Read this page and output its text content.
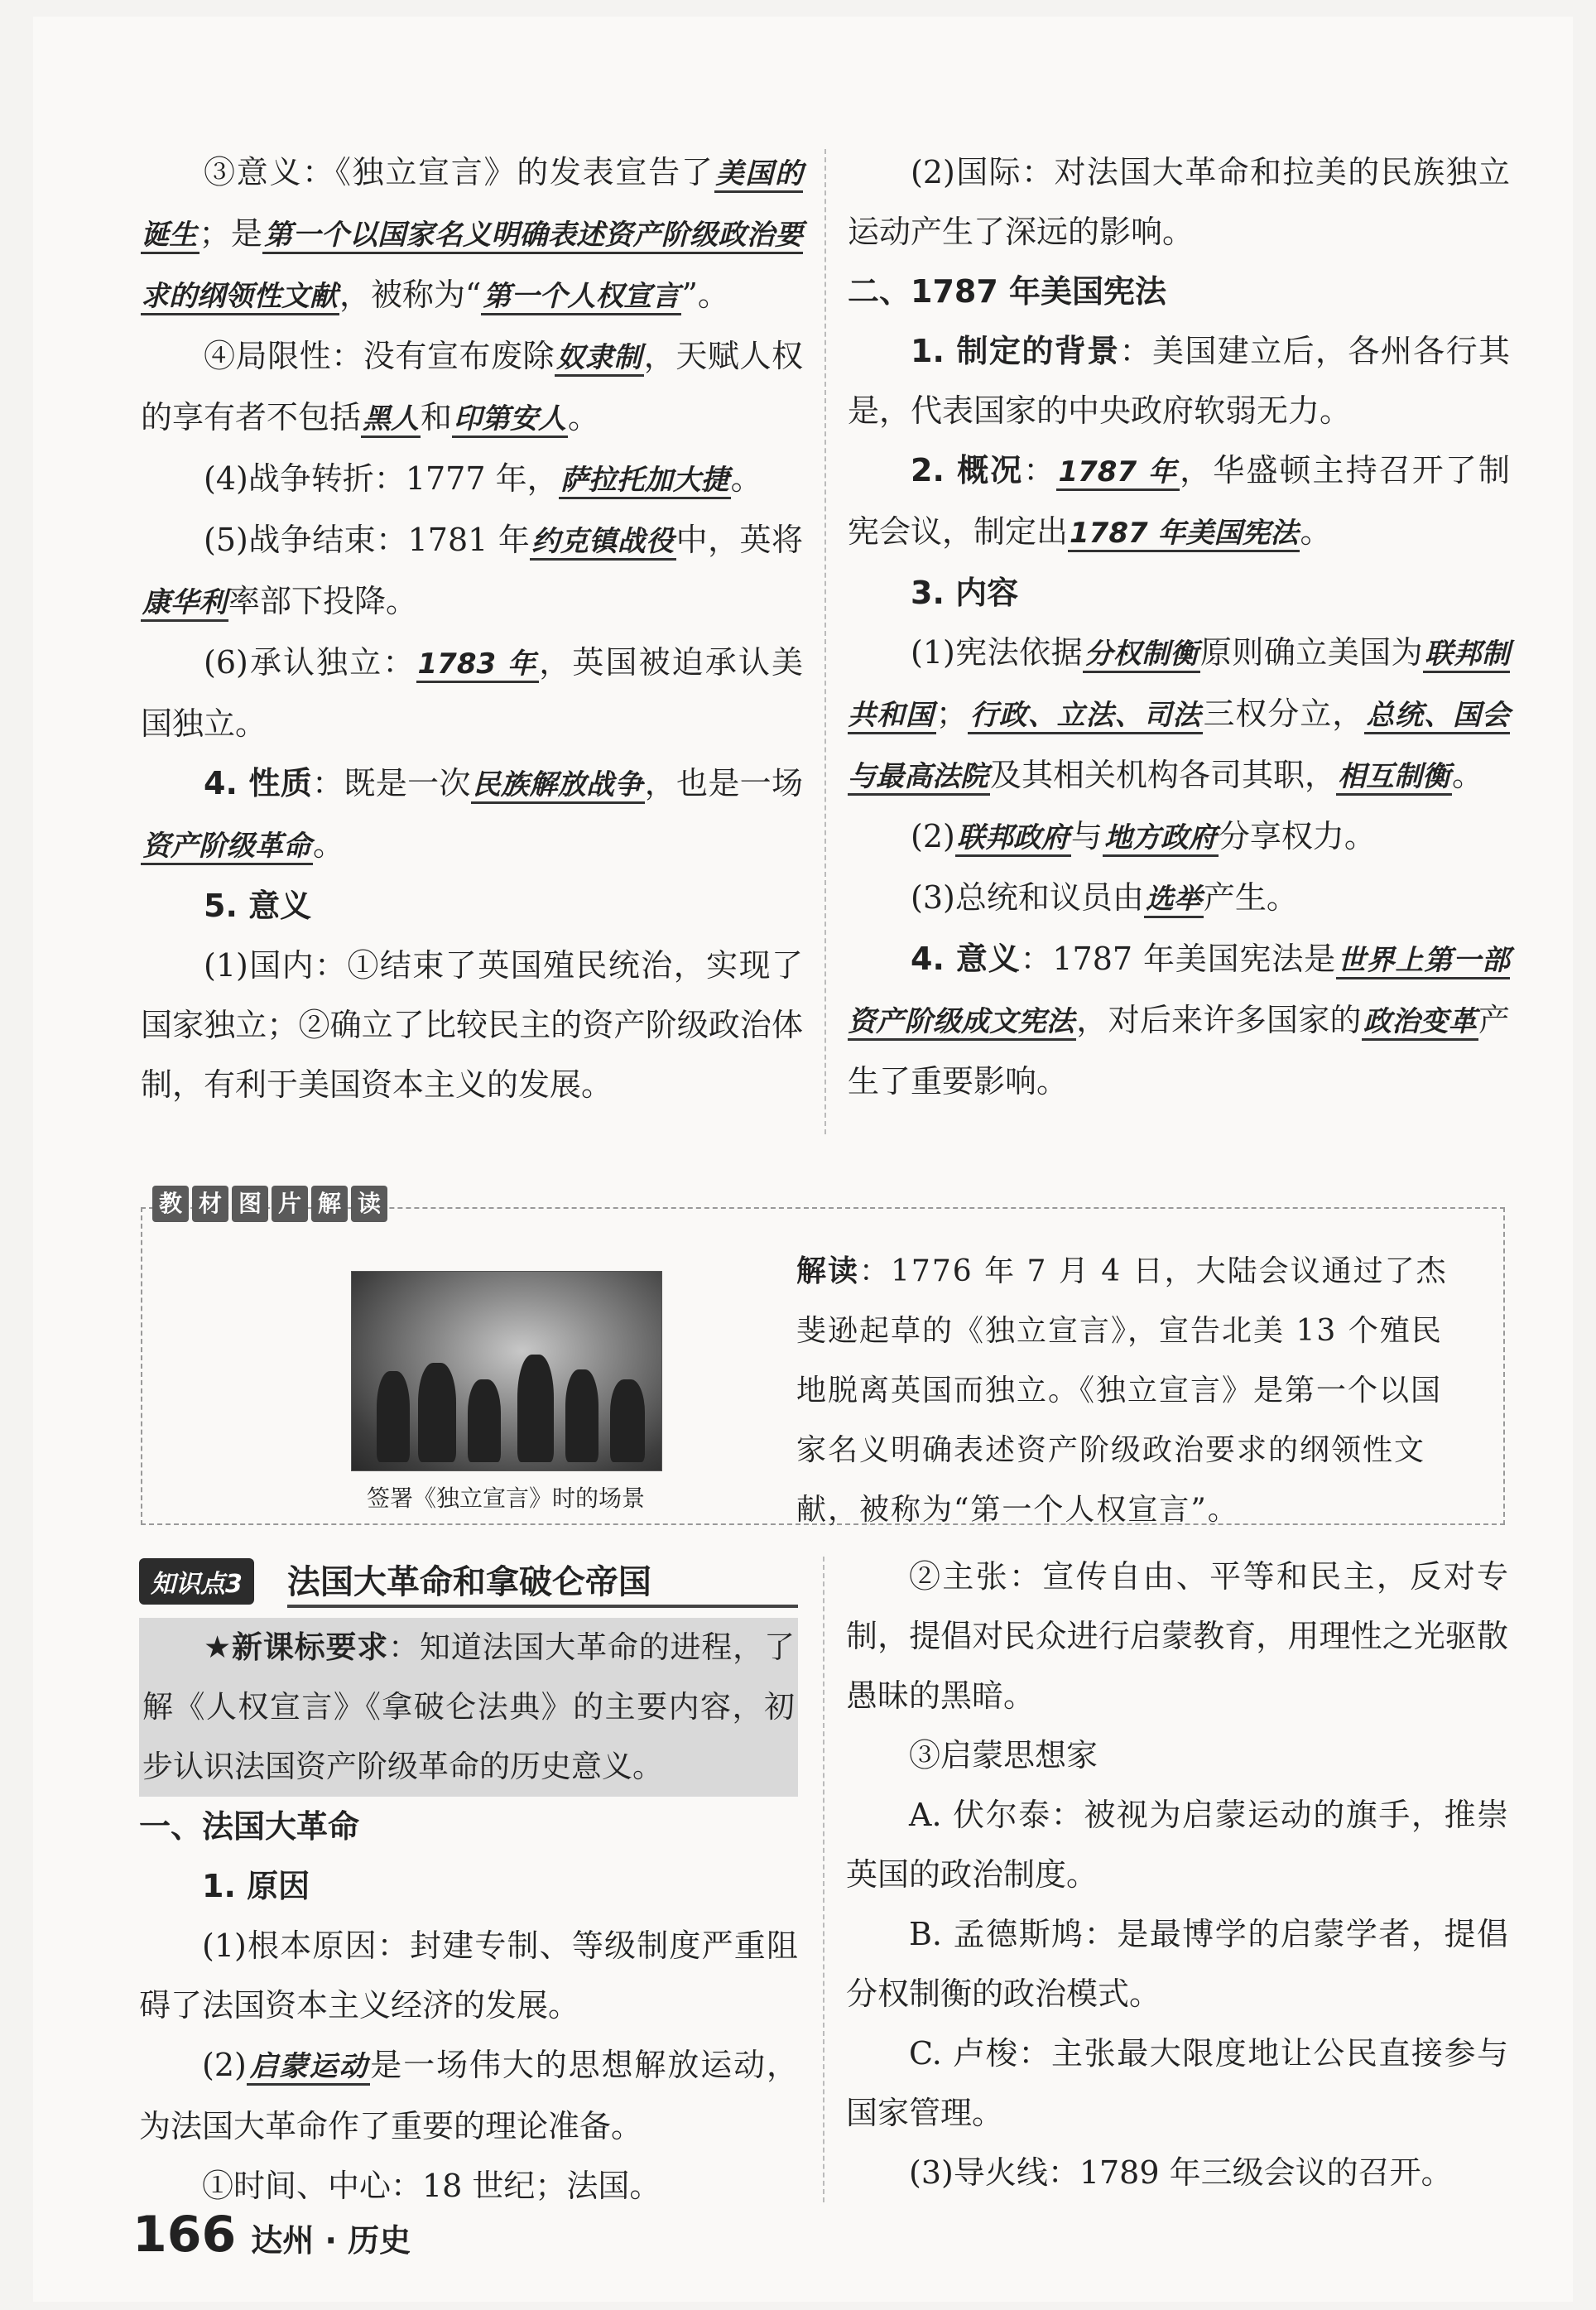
③意义：《独立宣言》的发表宣告了美国的诞生；是第一个以国家名义明确表述资产阶级政治要求的纲领性文献，被称为“第一个人权宣言”。

④局限性：没有宣布废除奴隶制，天赋人权的享有者不包括黑人和印第安人。

(4)战争转折：1777 年，萨拉托加大捷。

(5)战争结束：1781 年约克镇战役中，英将康华利率部下投降。

(6)承认独立：1783 年，英国被迫承认美国独立。

4. 性质：既是一次民族解放战争，也是一场资产阶级革命。

5. 意义

(1)国内：①结束了英国殖民统治，实现了国家独立；②确立了比较民主的资产阶级政治体制，有利于美国资本主义的发展。

(2)国际：对法国大革命和拉美的民族独立运动产生了深远的影响。

二、1787 年美国宪法

1. 制定的背景：美国建立后，各州各行其是，代表国家的中央政府软弱无力。

2. 概况：1787 年，华盛顿主持召开了制宪会议，制定出1787 年美国宪法。

3. 内容

(1)宪法依据分权制衡原则确立美国为联邦制共和国；行政、立法、司法三权分立，总统、国会与最高法院及其相关机构各司其职，相互制衡。

(2)联邦政府与地方政府分享权力。

(3)总统和议员由选举产生。

4. 意义：1787 年美国宪法是世界上第一部资产阶级成文宪法，对后来许多国家的政治变革产生了重要影响。

教 材 图 片 解 读
签署《独立宣言》时的场景
解读：1776 年 7 月 4 日，大陆会议通过了杰斐逊起草的《独立宣言》，宣告北美 13 个殖民地脱离英国而独立。《独立宣言》是第一个以国家名义明确表述资产阶级政治要求的纲领性文献，被称为“第一个人权宣言”。
知识点3	法国大革命和拿破仑帝国

★新课标要求：知道法国大革命的进程，了解《人权宣言》《拿破仑法典》的主要内容，初步认识法国资产阶级革命的历史意义。

一、法国大革命

1. 原因

(1)根本原因：封建专制、等级制度严重阻碍了法国资本主义经济的发展。

(2)启蒙运动是一场伟大的思想解放运动，为法国大革命作了重要的理论准备。

①时间、中心：18 世纪；法国。

②主张：宣传自由、平等和民主，反对专制，提倡对民众进行启蒙教育，用理性之光驱散愚昧的黑暗。

③启蒙思想家

A. 伏尔泰：被视为启蒙运动的旗手，推崇英国的政治制度。

B. 孟德斯鸠：是最博学的启蒙学者，提倡分权制衡的政治模式。

C. 卢梭：主张最大限度地让公民直接参与国家管理。

(3)导火线：1789 年三级会议的召开。

166 达州 · 历史
